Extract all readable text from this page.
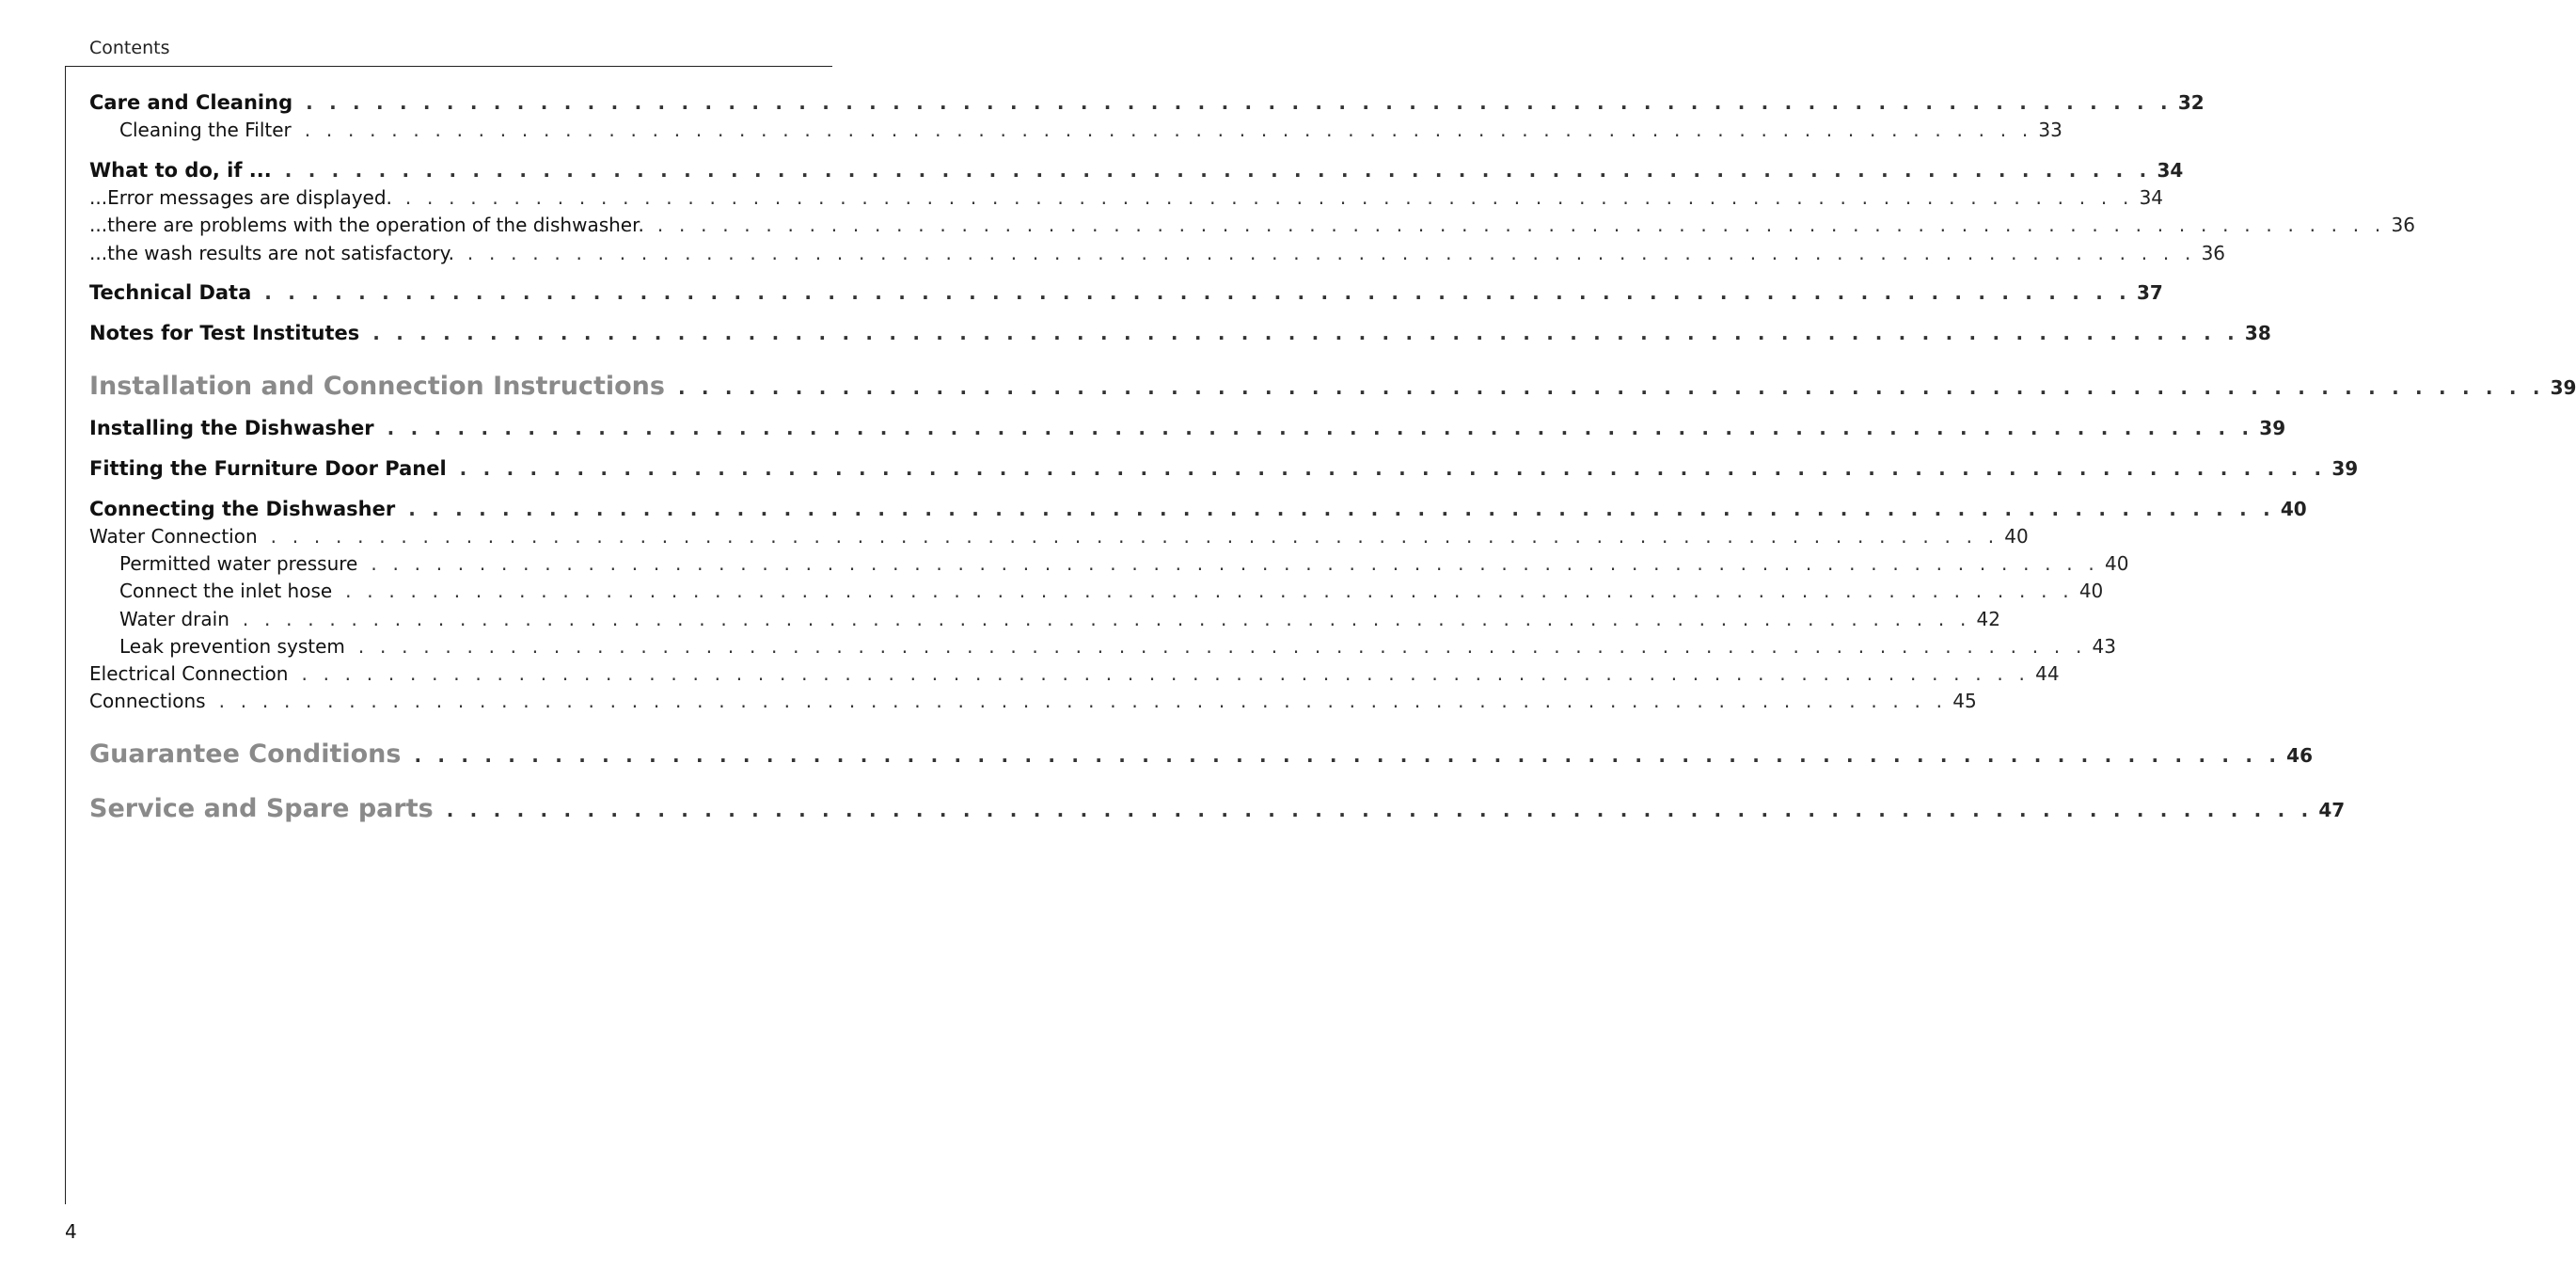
Contents
Care and Cleaning . . . . . . . . . . . . . . . . . . . . . . . . . . . . . . . . . . . . . . . . . . . . . . . . . . . . . . . . . . . . . . . . . . . . . . . . . . . . . . . . 32
Cleaning the Filter . . . . . . . . . . . . . . . . . . . . . . . . . . . . . . . . . . . . . . . . . . . . . . . . . . . . . . . . . . . . . . . . . . . . . . . . . . . . . . . . 33
What to do, if ... . . . . . . . . . . . . . . . . . . . . . . . . . . . . . . . . . . . . . . . . . . . . . . . . . . . . . . . . . . . . . . . . . . . . . . . . . . . . . . . . 34
...Error messages are displayed. . . . . . . . . . . . . . . . . . . . . . . . . . . . . . . . . . . . . . . . . . . . . . . . . . . . . . . . . . . . . . . . . . . . . . . . . . . . . . . . . 34
...there are problems with the operation of the dishwasher. . . . . . . . . . . . . . . . . . . . . . . . . . . . . . . . . . . . . . . . . . . . . . . . . . . . . . . . . . . . . . . . . . . . . . . . . . . . . . . . . 36
...the wash results are not satisfactory. . . . . . . . . . . . . . . . . . . . . . . . . . . . . . . . . . . . . . . . . . . . . . . . . . . . . . . . . . . . . . . . . . . . . . . . . . . . . . . . . 36
Technical Data . . . . . . . . . . . . . . . . . . . . . . . . . . . . . . . . . . . . . . . . . . . . . . . . . . . . . . . . . . . . . . . . . . . . . . . . . . . . . . . . 37
Notes for Test Institutes . . . . . . . . . . . . . . . . . . . . . . . . . . . . . . . . . . . . . . . . . . . . . . . . . . . . . . . . . . . . . . . . . . . . . . . . . . . . . . . . 38
Installation and Connection Instructions . . . . . . . . . . . . . . . . . . . . . . . . . . . . . . . . . . . . . . . . . . . . . . . . . . . . . . . . . . . . . . . . . . . . . . . . . . . . . . . . 39
Installing the Dishwasher . . . . . . . . . . . . . . . . . . . . . . . . . . . . . . . . . . . . . . . . . . . . . . . . . . . . . . . . . . . . . . . . . . . . . . . . . . . . . . . . 39
Fitting the Furniture Door Panel . . . . . . . . . . . . . . . . . . . . . . . . . . . . . . . . . . . . . . . . . . . . . . . . . . . . . . . . . . . . . . . . . . . . . . . . . . . . . . . . 39
Connecting the Dishwasher . . . . . . . . . . . . . . . . . . . . . . . . . . . . . . . . . . . . . . . . . . . . . . . . . . . . . . . . . . . . . . . . . . . . . . . . . . . . . . . . 40
Water Connection . . . . . . . . . . . . . . . . . . . . . . . . . . . . . . . . . . . . . . . . . . . . . . . . . . . . . . . . . . . . . . . . . . . . . . . . . . . . . . . . 40
Permitted water pressure . . . . . . . . . . . . . . . . . . . . . . . . . . . . . . . . . . . . . . . . . . . . . . . . . . . . . . . . . . . . . . . . . . . . . . . . . . . . . . . . 40
Connect the inlet hose . . . . . . . . . . . . . . . . . . . . . . . . . . . . . . . . . . . . . . . . . . . . . . . . . . . . . . . . . . . . . . . . . . . . . . . . . . . . . . . . 40
Water drain . . . . . . . . . . . . . . . . . . . . . . . . . . . . . . . . . . . . . . . . . . . . . . . . . . . . . . . . . . . . . . . . . . . . . . . . . . . . . . . . 42
Leak prevention system . . . . . . . . . . . . . . . . . . . . . . . . . . . . . . . . . . . . . . . . . . . . . . . . . . . . . . . . . . . . . . . . . . . . . . . . . . . . . . . . 43
Electrical Connection . . . . . . . . . . . . . . . . . . . . . . . . . . . . . . . . . . . . . . . . . . . . . . . . . . . . . . . . . . . . . . . . . . . . . . . . . . . . . . . . 44
Connections . . . . . . . . . . . . . . . . . . . . . . . . . . . . . . . . . . . . . . . . . . . . . . . . . . . . . . . . . . . . . . . . . . . . . . . . . . . . . . . . 45
Guarantee Conditions . . . . . . . . . . . . . . . . . . . . . . . . . . . . . . . . . . . . . . . . . . . . . . . . . . . . . . . . . . . . . . . . . . . . . . . . . . . . . . . . 46
Service and Spare parts . . . . . . . . . . . . . . . . . . . . . . . . . . . . . . . . . . . . . . . . . . . . . . . . . . . . . . . . . . . . . . . . . . . . . . . . . . . . . . . . 47
4
